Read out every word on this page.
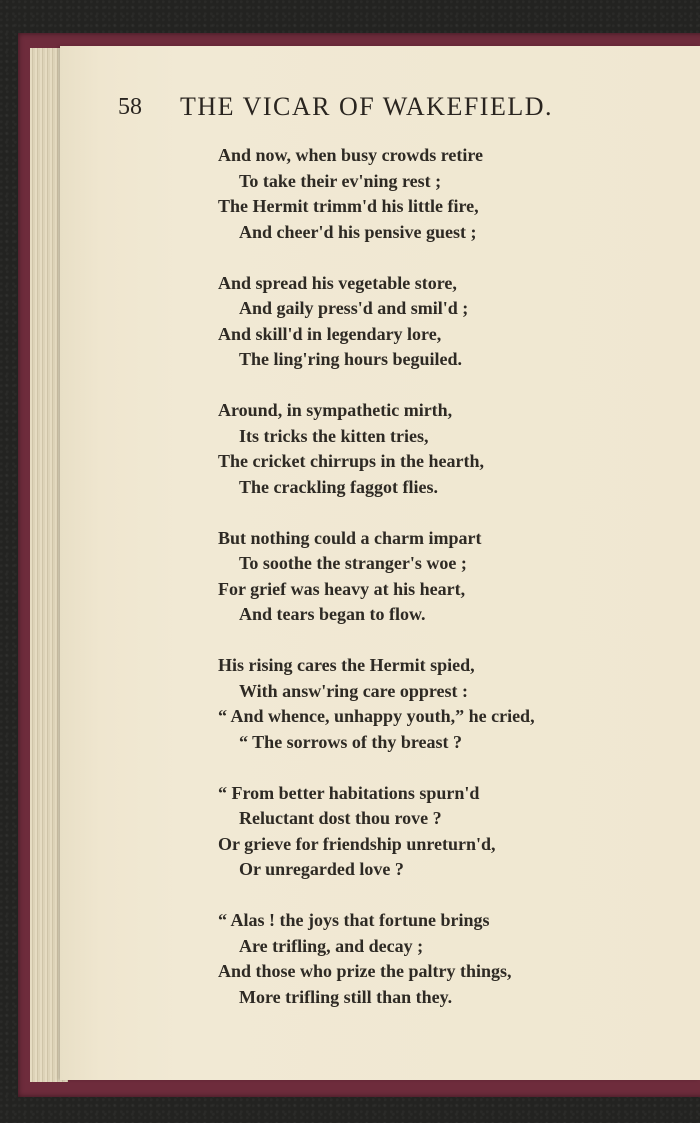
58 THE VICAR OF WAKEFIELD.
And now, when busy crowds retire
To take their ev'ning rest ;
The Hermit trimm'd his little fire,
And cheer'd his pensive guest ;
And spread his vegetable store,
And gaily press'd and smil'd ;
And skill'd in legendary lore,
The ling'ring hours beguiled.
Around, in sympathetic mirth,
Its tricks the kitten tries,
The cricket chirrups in the hearth,
The crackling faggot flies.
But nothing could a charm impart
To soothe the stranger's woe ;
For grief was heavy at his heart,
And tears began to flow.
His rising cares the Hermit spied,
With answ'ring care opprest :
“ And whence, unhappy youth,” he cried,
“ The sorrows of thy breast ?
“ From better habitations spurn'd
Reluctant dost thou rove ?
Or grieve for friendship unreturn'd,
Or unregarded love ?
“ Alas ! the joys that fortune brings
Are trifling, and decay ;
And those who prize the paltry things,
More trifling still than they.
